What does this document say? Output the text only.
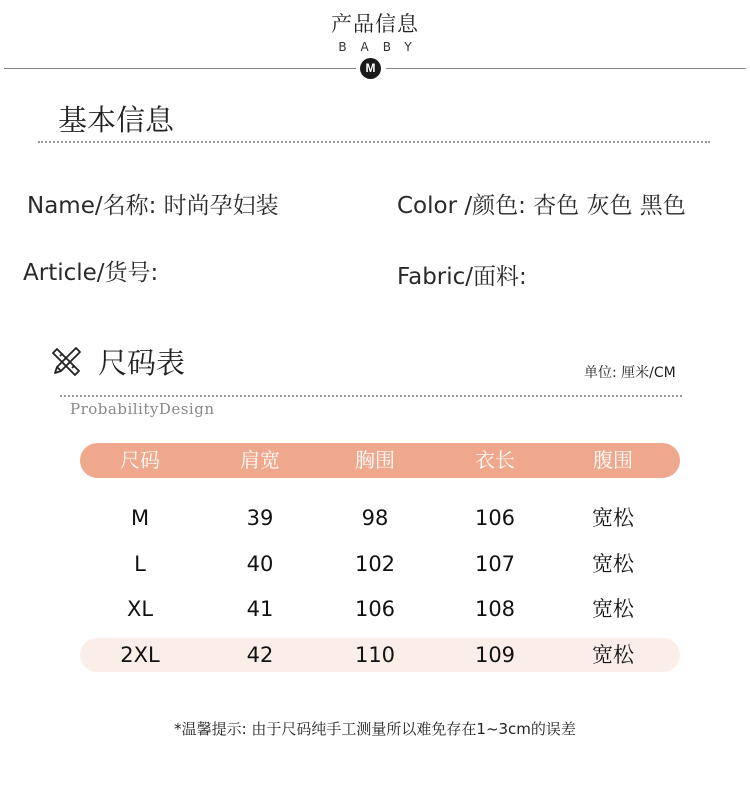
产品信息
BABY
M
基本信息
Name/名称: 时尚孕妇装	Color /颜色: 杏色 灰色 黑色
Article/货号:	Fabric/面料:
尺码表	单位: 厘米/CM
ProbabilityDesign
尺码	肩宽	胸围	衣长	腹围
M	39	98	106	宽松
L	40	102	107	宽松
XL	41	106	108	宽松
2XL	42	110	109	宽松
*温馨提示: 由于尺码纯手工测量所以难免存在1~3cm的误差
